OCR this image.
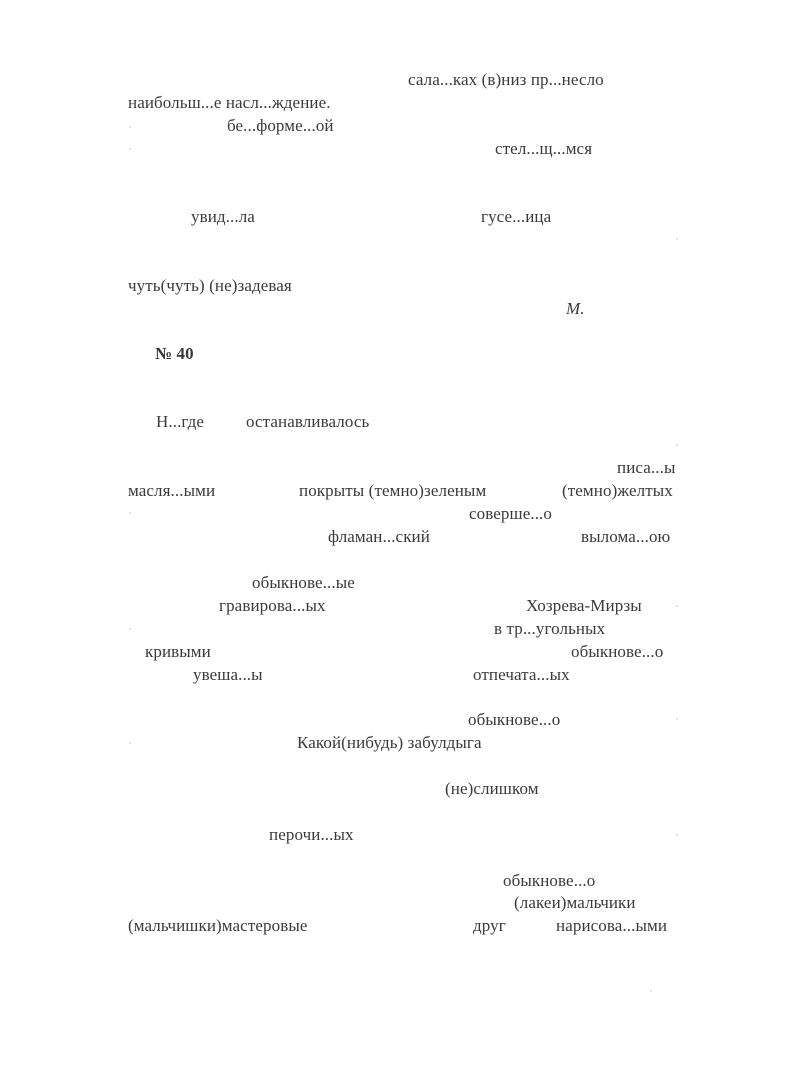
сала...ках (в)низ пр...несло
наибольш...е насл...ждение.
бе...форме...ой
стел...щ...мся
увид...ла	гусе...ица
чуть(чуть) (не)задевая
М.
№ 40
Н...где останавливалось
писа...ы
масля...ыми	покрыты (темно)зеленым	(темно)желтых
соверше...о
фламан...ский	вылома...ою
обыкнове...ые
гравирова...ых	Хозрева-Мирзы
в тр...угольных
кривыми	обыкнове...о
увеша...ы	отпечата...ых
обыкнове...о
Какой(нибудь) забулдыга
(не)слишком
перочи...ых
обыкнове...о
(лакеи)мальчики
(мальчишки)мастеровые	друг	нарисова...ыми
